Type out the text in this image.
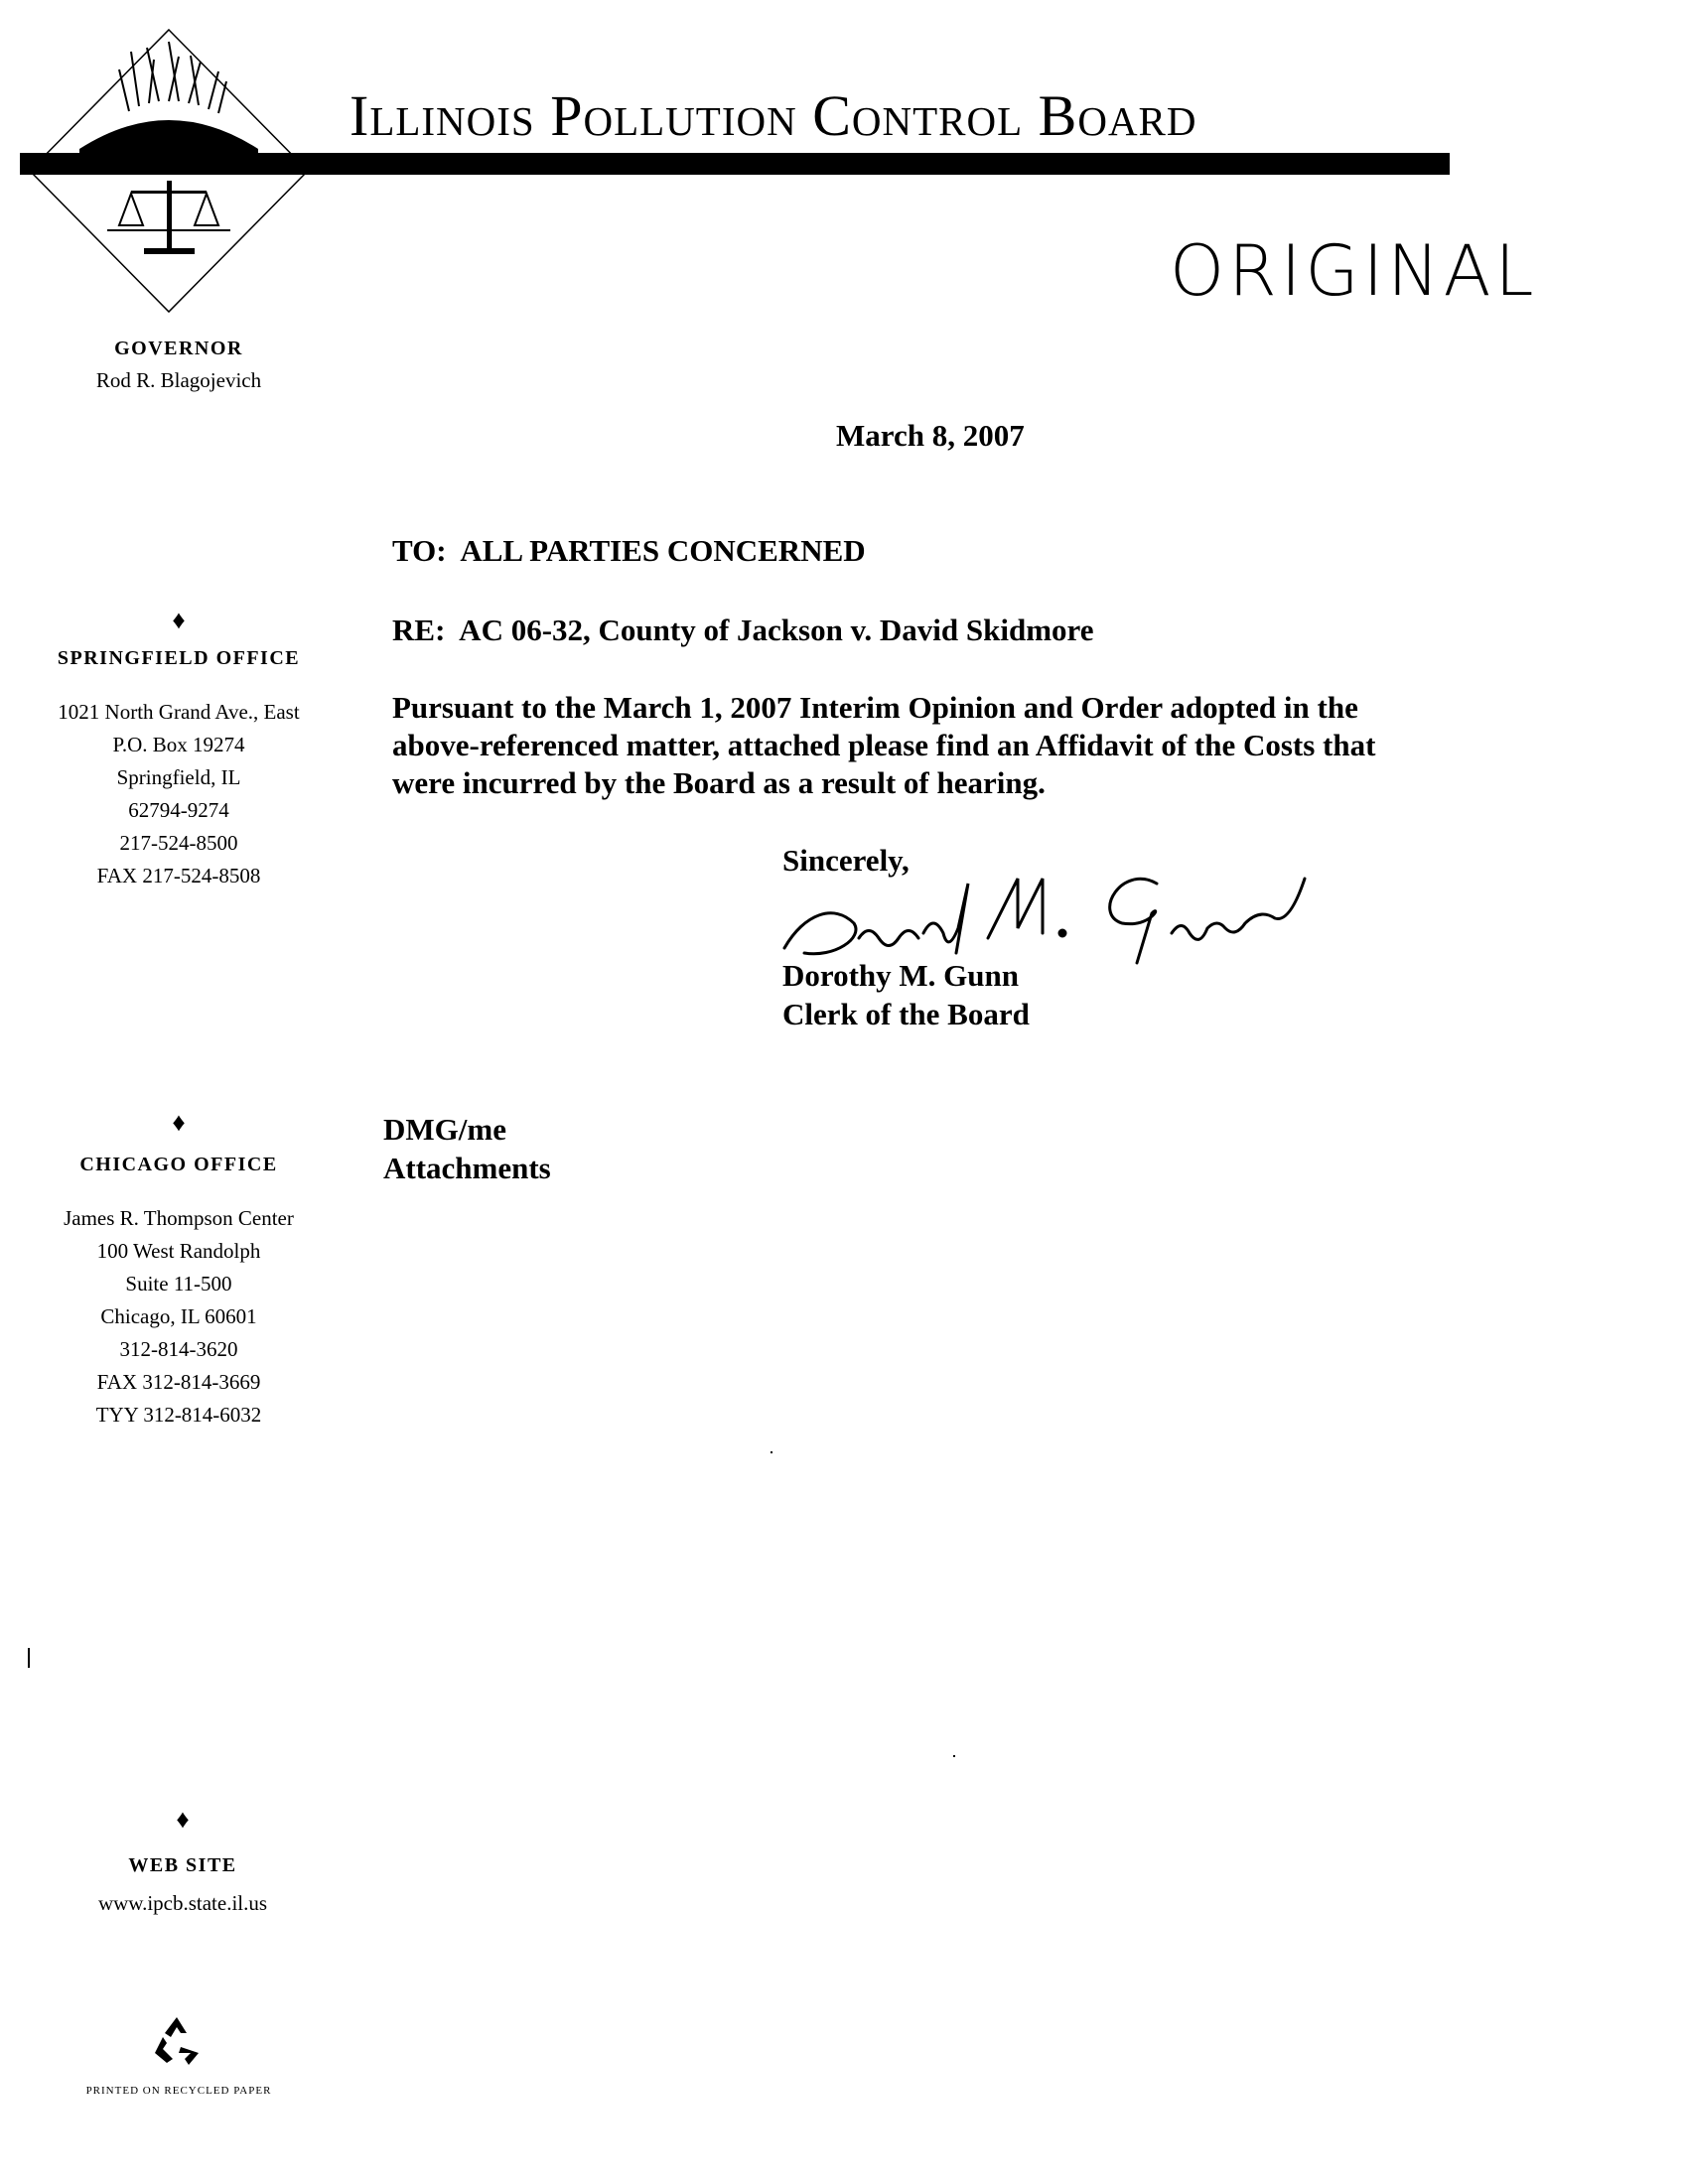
Illinois Pollution Control Board
ORIGINAL
GOVERNOR
Rod R. Blagojevich
♦
SPRINGFIELD OFFICE
1021 North Grand Ave., East
P.O. Box 19274
Springfield, IL
62794-9274
217-524-8500
FAX 217-524-8508
♦
CHICAGO OFFICE
James R. Thompson Center
100 West Randolph
Suite 11-500
Chicago, IL 60601
312-814-3620
FAX 312-814-3669
TYY 312-814-6032
♦
WEB SITE
www.ipcb.state.il.us
PRINTED ON RECYCLED PAPER
March 8, 2007
TO:  ALL PARTIES CONCERNED
RE:  AC 06-32, County of Jackson v. David Skidmore
Pursuant to the March 1, 2007 Interim Opinion and Order adopted in the
above-referenced matter, attached please find an Affidavit of the Costs that
were incurred by the Board as a result of hearing.
Sincerely,
Dorothy M. Gunn
Clerk of the Board
DMG/me
Attachments
